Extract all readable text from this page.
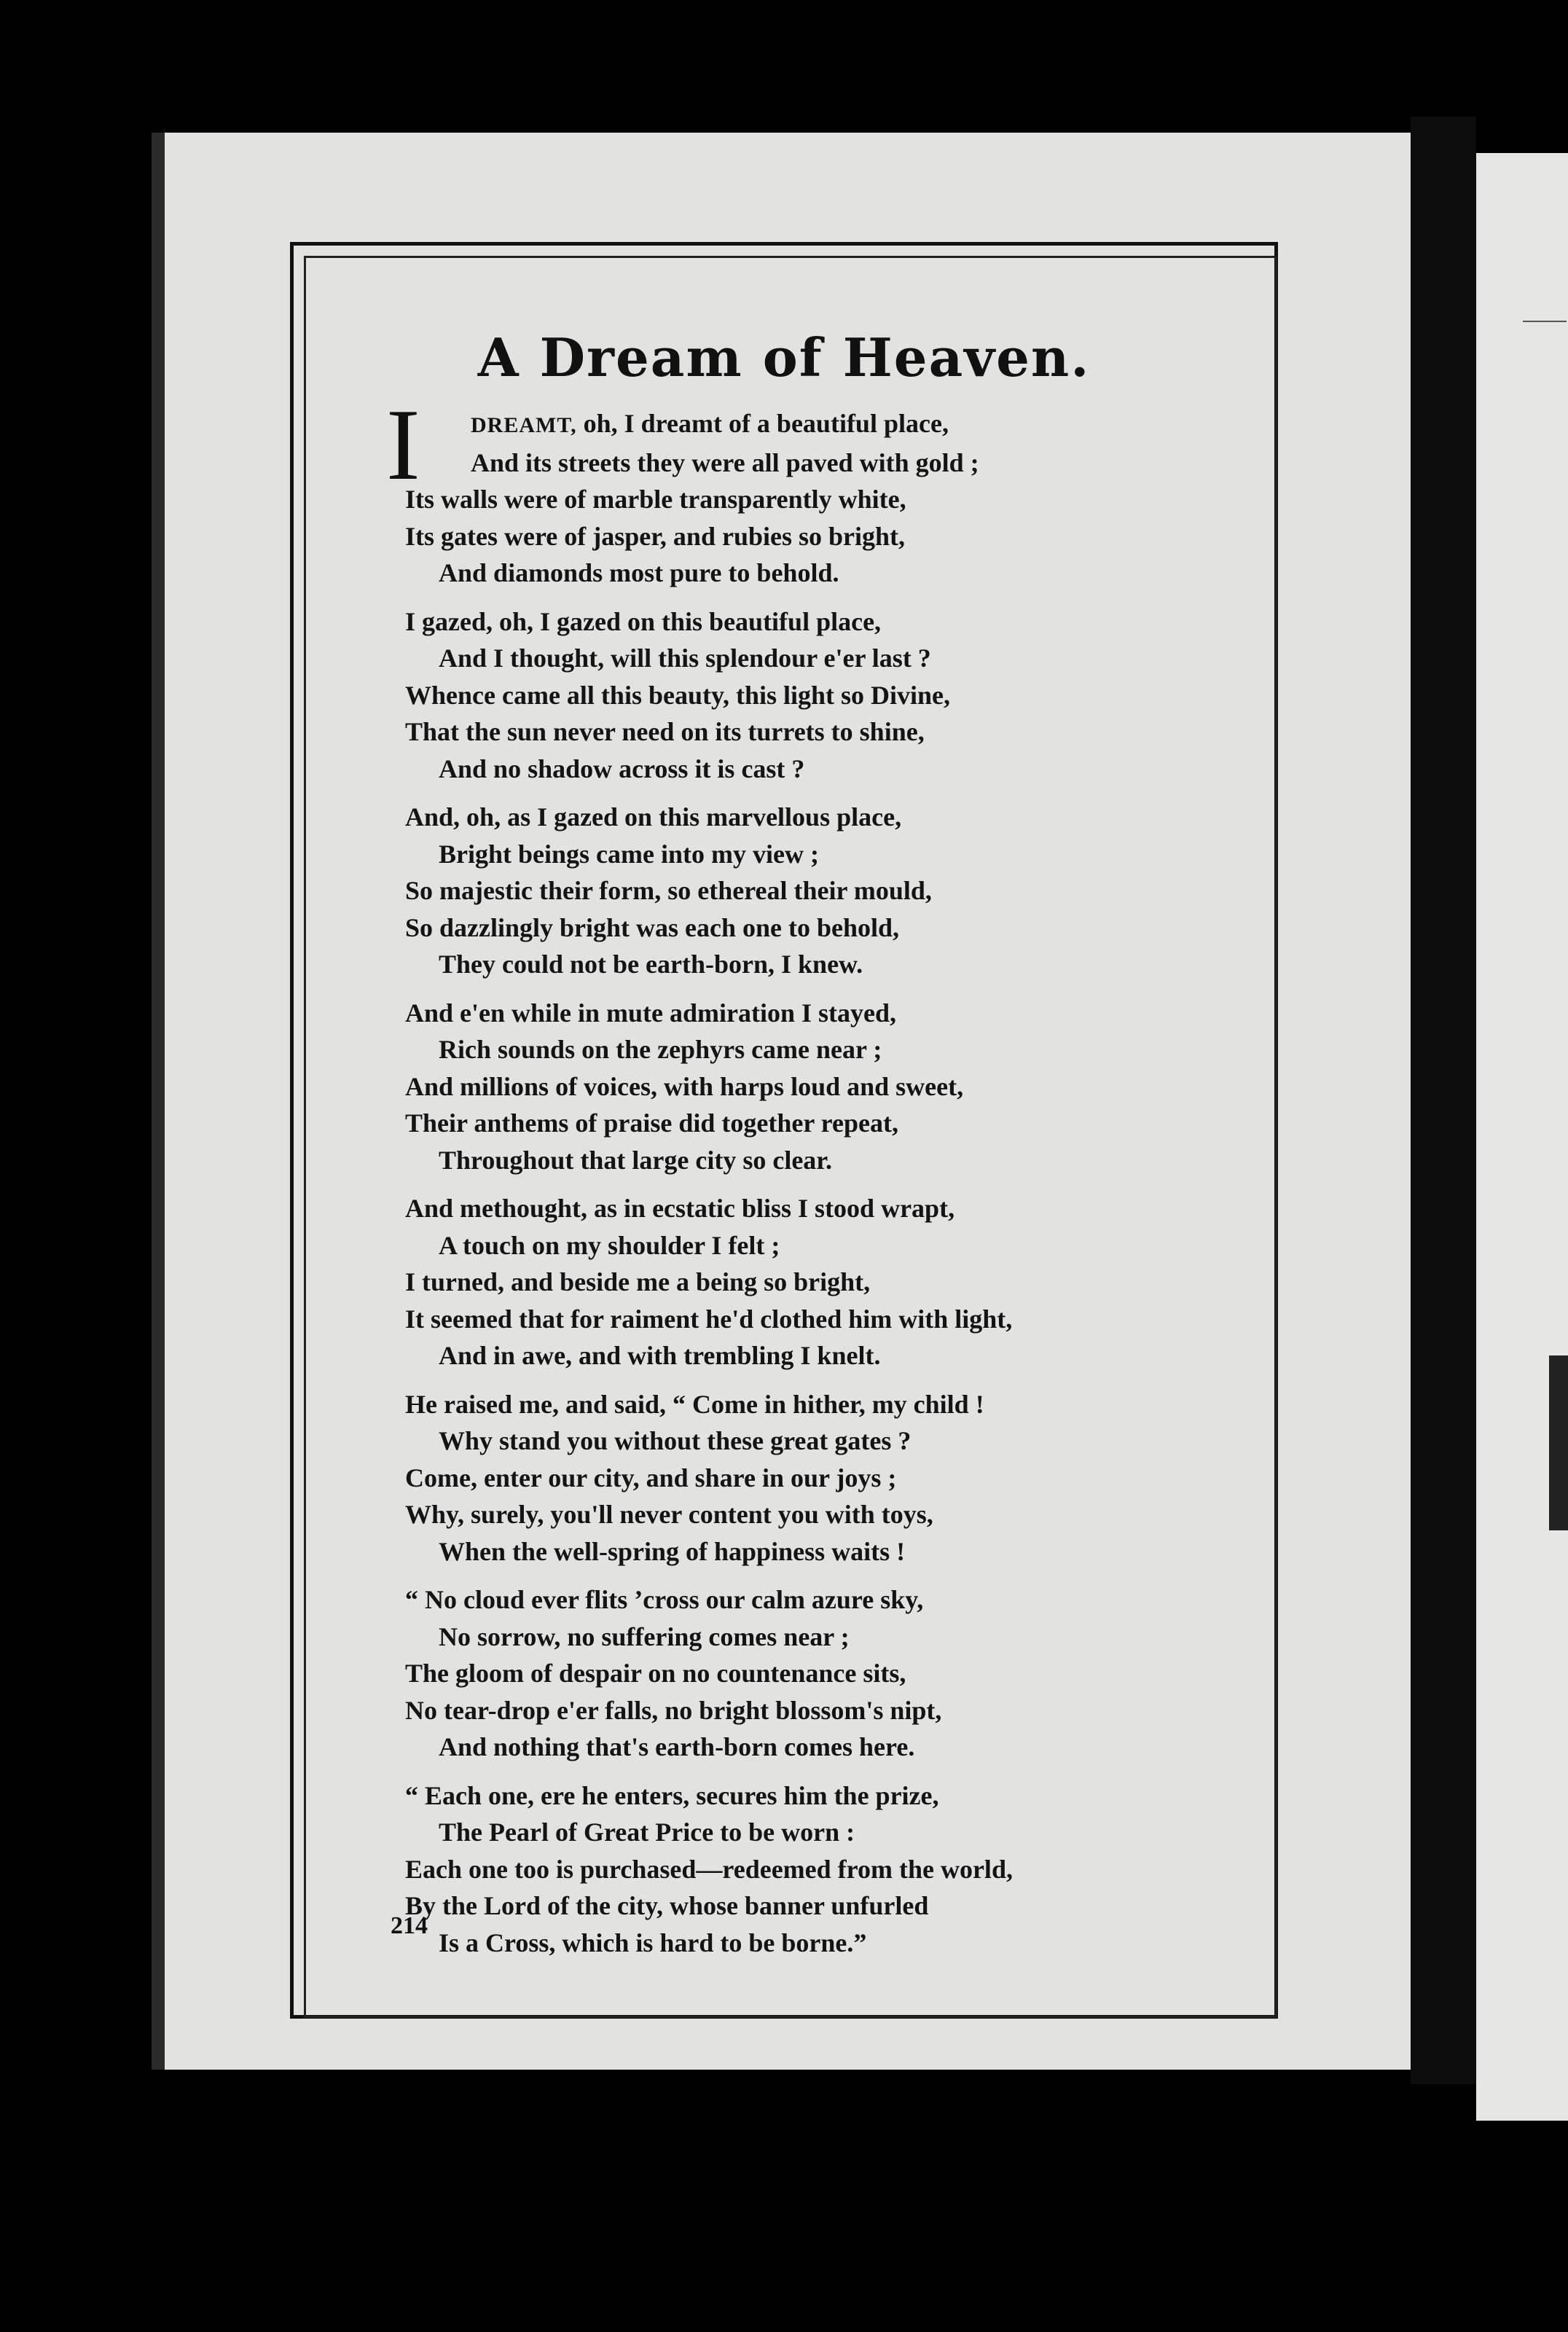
A Dream of Heaven.
I	DREAMT, oh, I dreamt of a beautiful place,
And its streets they were all paved with gold ;
Its walls were of marble transparently white,
Its gates were of jasper, and rubies so bright,
And diamonds most pure to behold.
I gazed, oh, I gazed on this beautiful place,
And I thought, will this splendour e'er last ?
Whence came all this beauty, this light so Divine,
That the sun never need on its turrets to shine,
And no shadow across it is cast ?
And, oh, as I gazed on this marvellous place,
Bright beings came into my view ;
So majestic their form, so ethereal their mould,
So dazzlingly bright was each one to behold,
They could not be earth-born, I knew.
And e'en while in mute admiration I stayed,
Rich sounds on the zephyrs came near ;
And millions of voices, with harps loud and sweet,
Their anthems of praise did together repeat,
Throughout that large city so clear.
And methought, as in ecstatic bliss I stood wrapt,
A touch on my shoulder I felt ;
I turned, and beside me a being so bright,
It seemed that for raiment he'd clothed him with light,
And in awe, and with trembling I knelt.
He raised me, and said, “ Come in hither, my child !
Why stand you without these great gates ?
Come, enter our city, and share in our joys ;
Why, surely, you'll never content you with toys,
When the well-spring of happiness waits !
“ No cloud ever flits ’cross our calm azure sky,
No sorrow, no suffering comes near ;
The gloom of despair on no countenance sits,
No tear-drop e'er falls, no bright blossom's nipt,
And nothing that's earth-born comes here.
“ Each one, ere he enters, secures him the prize,
The Pearl of Great Price to be worn :
Each one too is purchased—redeemed from the world,
By the Lord of the city, whose banner unfurled
Is a Cross, which is hard to be borne.”
214
